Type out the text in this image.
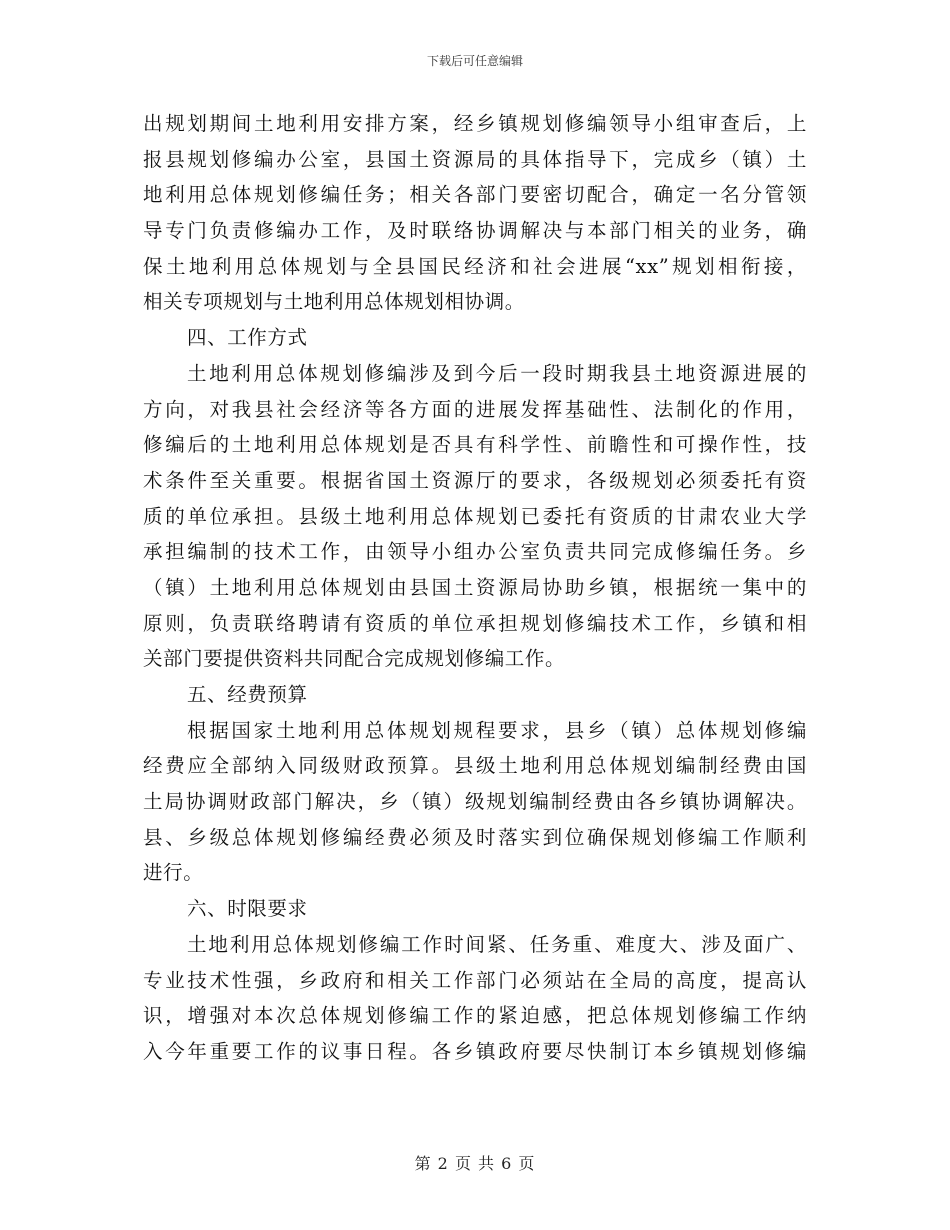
下载后可任意编辑
出规划期间土地利用安排方案，经乡镇规划修编领导小组审查后，上
报县规划修编办公室，县国土资源局的具体指导下，完成乡（镇）土
地利用总体规划修编任务；相关各部门要密切配合，确定一名分管领
导专门负责修编办工作，及时联络协调解决与本部门相关的业务，确
保土地利用总体规划与全县国民经济和社会进展“xx”规划相衔接，
相关专项规划与土地利用总体规划相协调。
四、工作方式
土地利用总体规划修编涉及到今后一段时期我县土地资源进展的
方向，对我县社会经济等各方面的进展发挥基础性、法制化的作用，
修编后的土地利用总体规划是否具有科学性、前瞻性和可操作性，技
术条件至关重要。根据省国土资源厅的要求，各级规划必须委托有资
质的单位承担。县级土地利用总体规划已委托有资质的甘肃农业大学
承担编制的技术工作，由领导小组办公室负责共同完成修编任务。乡
（镇）土地利用总体规划由县国土资源局协助乡镇，根据统一集中的
原则，负责联络聘请有资质的单位承担规划修编技术工作，乡镇和相
关部门要提供资料共同配合完成规划修编工作。
五、经费预算
根据国家土地利用总体规划规程要求，县乡（镇）总体规划修编
经费应全部纳入同级财政预算。县级土地利用总体规划编制经费由国
土局协调财政部门解决，乡（镇）级规划编制经费由各乡镇协调解决。
县、乡级总体规划修编经费必须及时落实到位确保规划修编工作顺利
进行。
六、时限要求
土地利用总体规划修编工作时间紧、任务重、难度大、涉及面广、
专业技术性强，乡政府和相关工作部门必须站在全局的高度，提高认
识，增强对本次总体规划修编工作的紧迫感，把总体规划修编工作纳
入今年重要工作的议事日程。各乡镇政府要尽快制订本乡镇规划修编
第 2 页 共 6 页
